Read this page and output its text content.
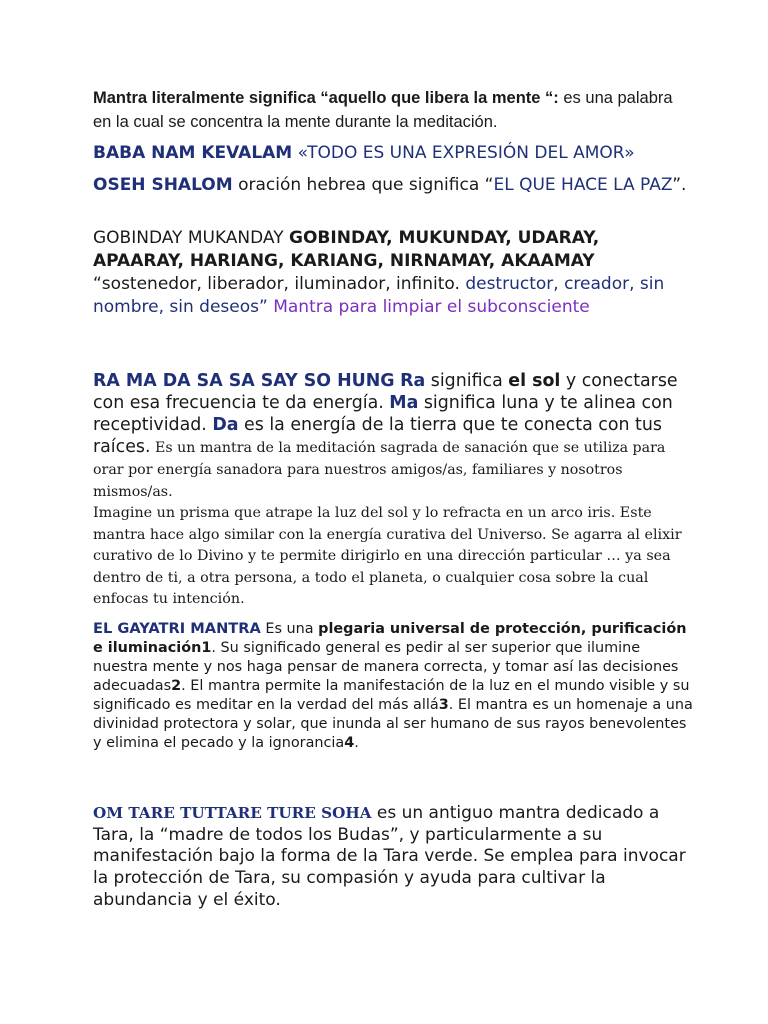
Mantra literalmente significa “aquello que libera la mente “: es una palabra en la cual se concentra la mente durante la meditación.

BABA NAM KEVALAM «TODO ES UNA EXPRESIÓN DEL AMOR»

OSEH SHALOM oración hebrea que significa “EL QUE HACE LA PAZ”.

GOBINDAY MUKANDAY GOBINDAY, MUKUNDAY, UDARAY, APAARAY, HARIANG, KARIANG, NIRNAMAY, AKAAMAY “sostenedor, liberador, iluminador, infinito. destructor, creador, sin nombre, sin deseos” Mantra para limpiar el subconsciente

RA MA DA SA SA SAY SO HUNG Ra significa el sol y conectarse con esa frecuencia te da energía. Ma significa luna y te alinea con receptividad. Da es la energía de la tierra que te conecta con tus raíces. Es un mantra de la meditación sagrada de sanación que se utiliza para orar por energía sanadora para nuestros amigos/as, familiares y nosotros mismos/as.

Imagine un prisma que atrape la luz del sol y lo refracta en un arco iris. Este mantra hace algo similar con la energía curativa del Universo. Se agarra al elixir curativo de lo Divino y te permite dirigirlo en una dirección particular … ya sea dentro de ti, a otra persona, a todo el planeta, o cualquier cosa sobre la cual enfocas tu intención.

EL GAYATRI MANTRA Es una plegaria universal de protección, purificación e iluminación1. Su significado general es pedir al ser superior que ilumine nuestra mente y nos haga pensar de manera correcta, y tomar así las decisiones adecuadas2. El mantra permite la manifestación de la luz en el mundo visible y su significado es meditar en la verdad del más allá3. El mantra es un homenaje a una divinidad protectora y solar, que inunda al ser humano de sus rayos benevolentes y elimina el pecado y la ignorancia4.

OM TARE TUTTARE TURE SOHA es un antiguo mantra dedicado a Tara, la “madre de todos los Budas”, y particularmente a su manifestación bajo la forma de la Tara verde. Se emplea para invocar la protección de Tara, su compasión y ayuda para cultivar la abundancia y el éxito.
